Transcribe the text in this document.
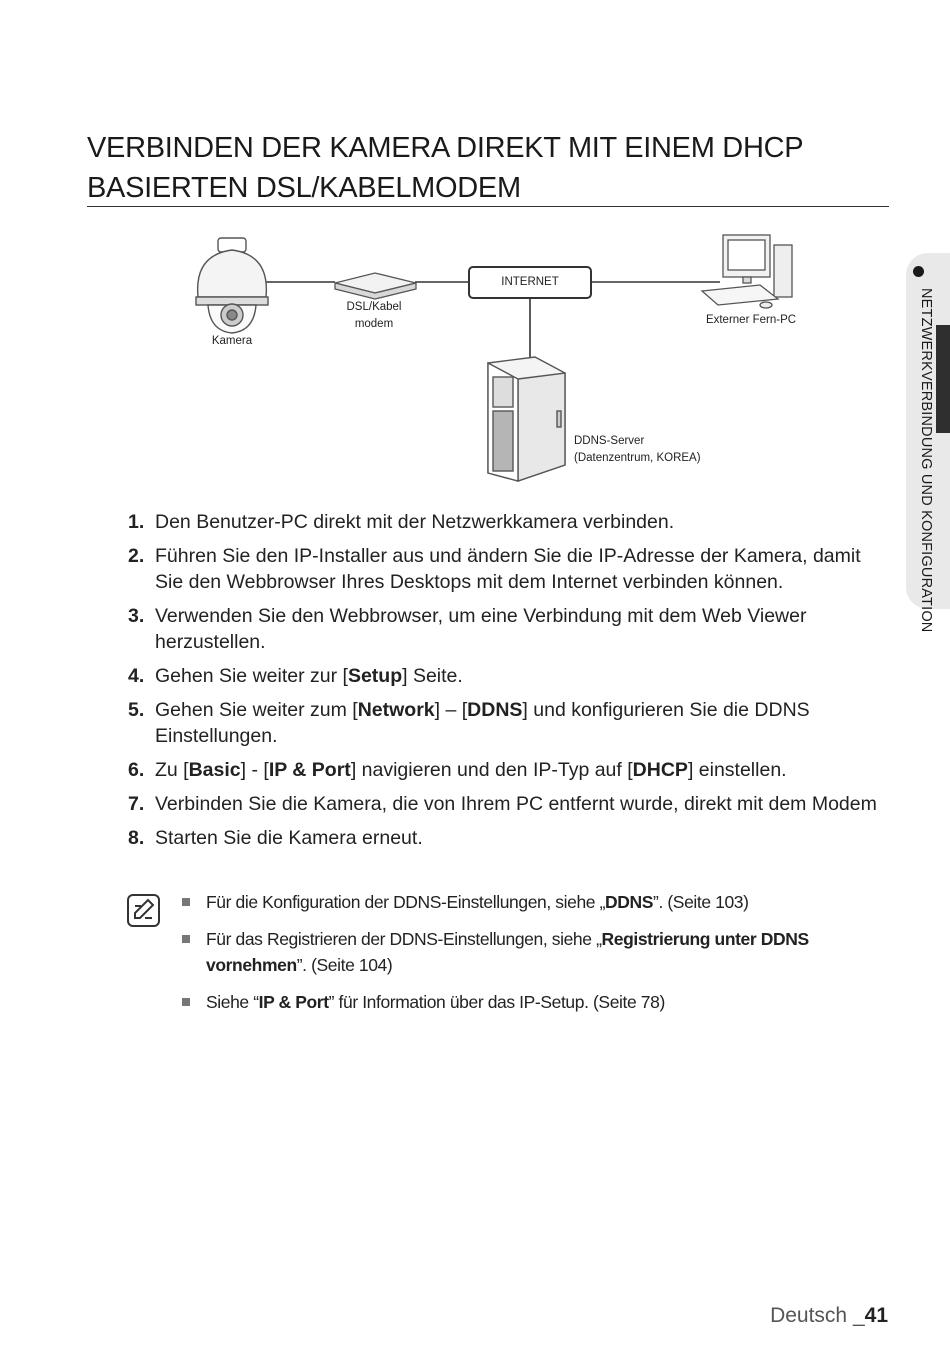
VERBINDEN DER KAMERA DIREKT MIT EINEM DHCP
BASIERTEN DSL/KABELMODEM
Kamera
DSL/Kabel
modem
INTERNET
Externer Fern-PC
DDNS-Server
(Datenzentrum, KOREA)
1. Den Benutzer-PC direkt mit der Netzwerkkamera verbinden.
2. Führen Sie den IP-Installer aus und ändern Sie die IP-Adresse der Kamera, damit Sie den Webbrowser Ihres Desktops mit dem Internet verbinden können.
3. Verwenden Sie den Webbrowser, um eine Verbindung mit dem Web Viewer herzustellen.
4. Gehen Sie weiter zur [Setup] Seite.
5. Gehen Sie weiter zum [Network] – [DDNS] und konfigurieren Sie die DDNS Einstellungen.
6. Zu [Basic] - [IP & Port] navigieren und den IP-Typ auf [DHCP] einstellen.
7. Verbinden Sie die Kamera, die von Ihrem PC entfernt wurde, direkt mit dem Modem
8. Starten Sie die Kamera erneut.
Für die Konfiguration der DDNS-Einstellungen, siehe „DDNS”. (Seite 103)
Für das Registrieren der DDNS-Einstellungen, siehe „Registrierung unter DDNS vornehmen”. (Seite 104)
Siehe “IP & Port” für Information über das IP-Setup. (Seite 78)
NETZWERKVERBINDUNG UND KONFIGURATION
Deutsch _41
